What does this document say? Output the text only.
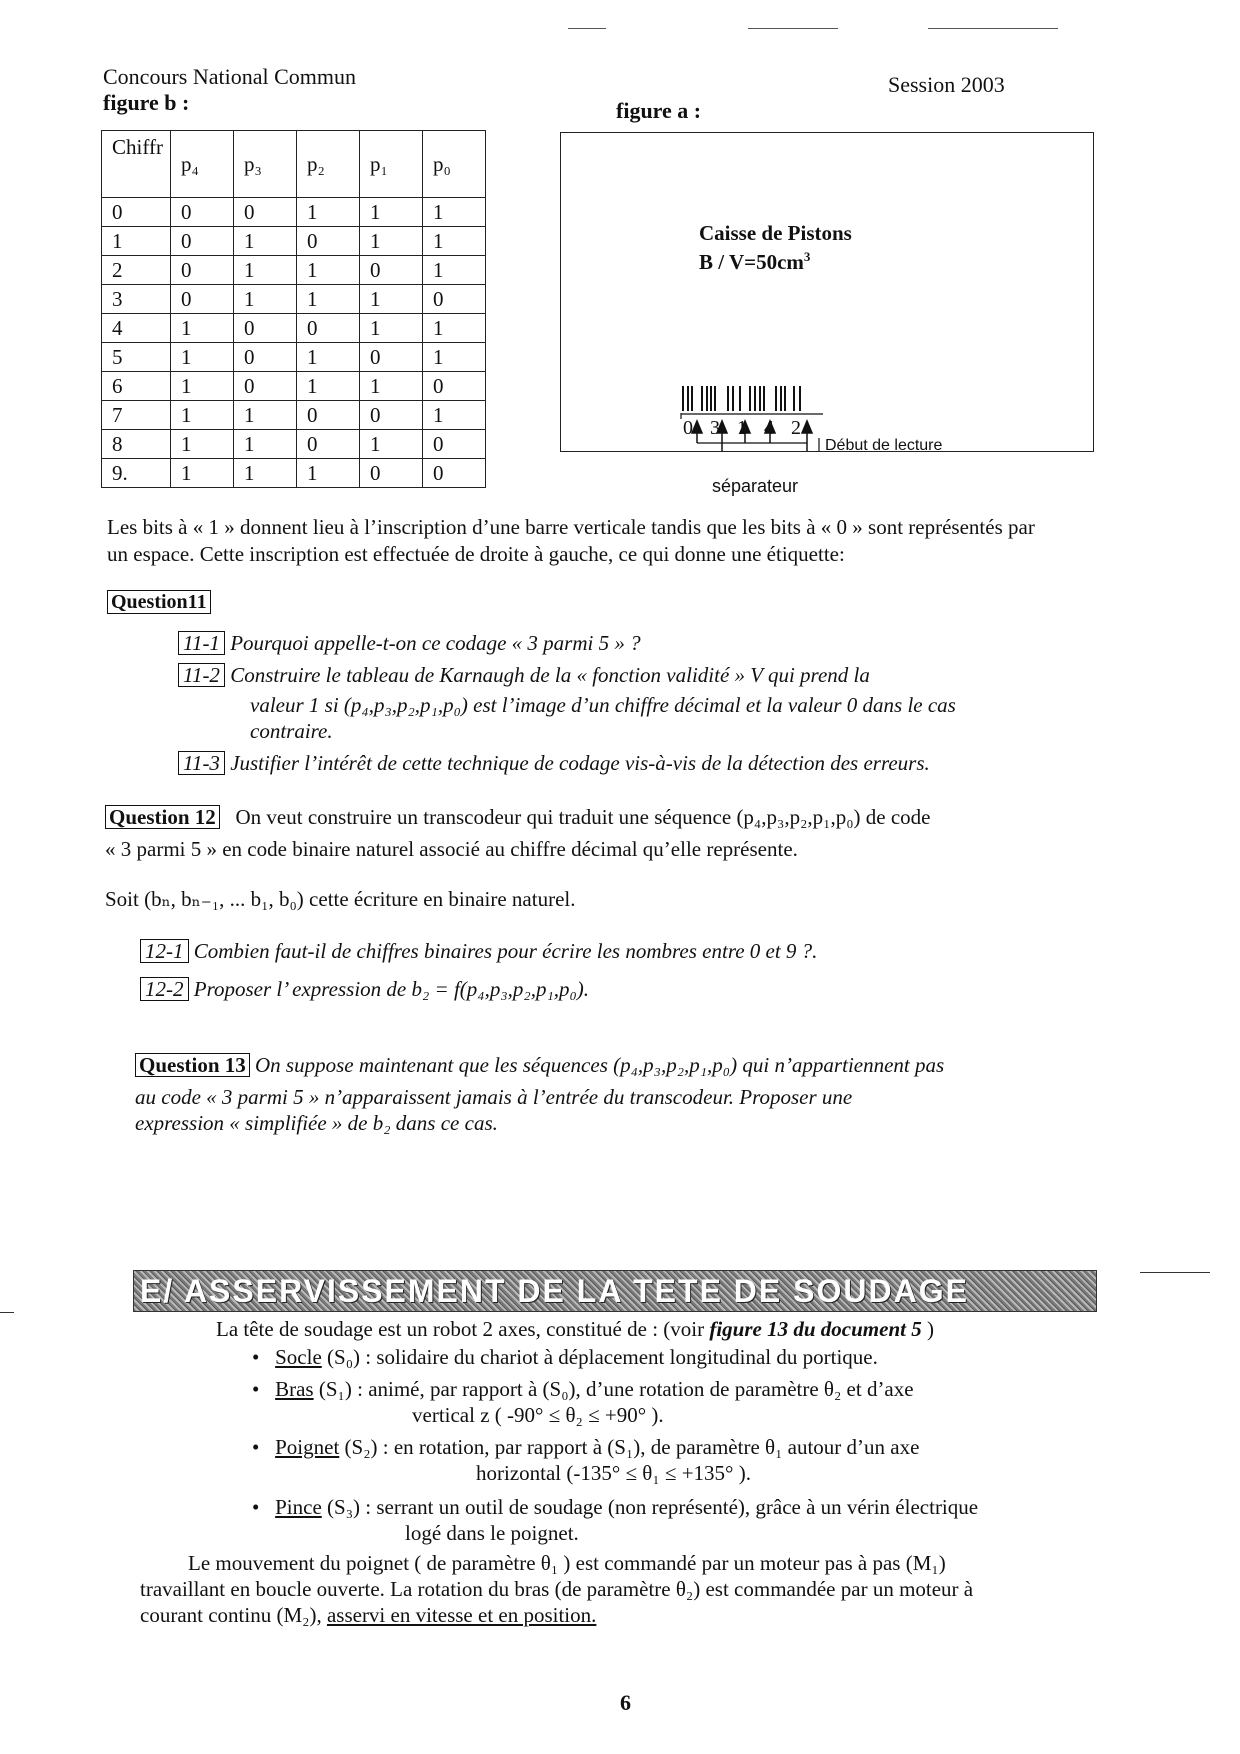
Concours National Commun	Session 2003
figure b :	figure a :
Chiffr	p₄	p₃	p₂	p₁	p₀
0	0	0	1	1	1
1	0	1	0	1	1
2	0	1	1	0	1
3	0	1	1	1	0
4	1	0	0	1	1
5	1	0	1	0	1
6	1	0	1	1	0
7	1	1	0	0	1
8	1	1	0	1	0
9.	1	1	1	0	0
Caisse de Pistons
$B / V=50cm^3$
0 3 1 4 2
Début de lecture
séparateur
Les bits à « 1 » donnent lieu à l’inscription d’une barre verticale tandis que les bits à « 0 » sont représentés par un espace. Cette inscription est effectuée de droite à gauche, ce qui donne une étiquette:
Question11
11-1 Pourquoi appelle-t-on ce codage « 3 parmi 5 » ?
11-2 Construire le tableau de Karnaugh de la « fonction validité » V qui prend la
valeur 1 si (p₄,p₃,p₂,p₁,p₀) est l’image d’un chiffre décimal et la valeur 0 dans le cas
contraire.
11-3 Justifier l’intérêt de cette technique de codage vis-à-vis de la détection des erreurs.
Question 12 On veut construire un transcodeur qui traduit une séquence (p₄,p₃,p₂,p₁,p₀) de code
« 3 parmi 5 » en code binaire naturel associé au chiffre décimal qu’elle représente.
Soit (bₙ, bₙ₋₁, ... b₁, b₀) cette écriture en binaire naturel.
12-1 Combien faut-il de chiffres binaires pour écrire les nombres entre 0 et 9 ?.
12-2 Proposer l’ expression de b₂ = f(p₄,p₃,p₂,p₁,p₀).
Question 13 On suppose maintenant que les séquences (p₄,p₃,p₂,p₁,p₀) qui n’appartiennent pas
au code « 3 parmi 5 » n’apparaissent jamais à l’entrée du transcodeur. Proposer une
expression « simplifiée » de b₂ dans ce cas.
E/ ASSERVISSEMENT DE LA TETE DE SOUDAGE
La tête de soudage est un robot 2 axes, constitué de : (voir figure 13 du document 5 )
•   Socle (S₀) : solidaire du chariot à déplacement longitudinal du portique.
•   Bras (S₁) : animé, par rapport à (S₀), d’une rotation de paramètre θ₂ et d’axe
vertical z ( -90° ≤ θ₂ ≤ +90° ).
•   Poignet (S₂) : en rotation, par rapport à (S₁), de paramètre θ₁ autour d’un axe
horizontal (-135° ≤ θ₁ ≤ +135° ).
•   Pince (S₃) : serrant un outil de soudage (non représenté), grâce à un vérin électrique
logé dans le poignet.
Le mouvement du poignet ( de paramètre θ₁ ) est commandé par un moteur pas à pas (M₁)
travaillant en boucle ouverte. La rotation du bras (de paramètre θ₂) est commandée par un moteur à
courant continu (M₂), asservi en vitesse et en position.
6
